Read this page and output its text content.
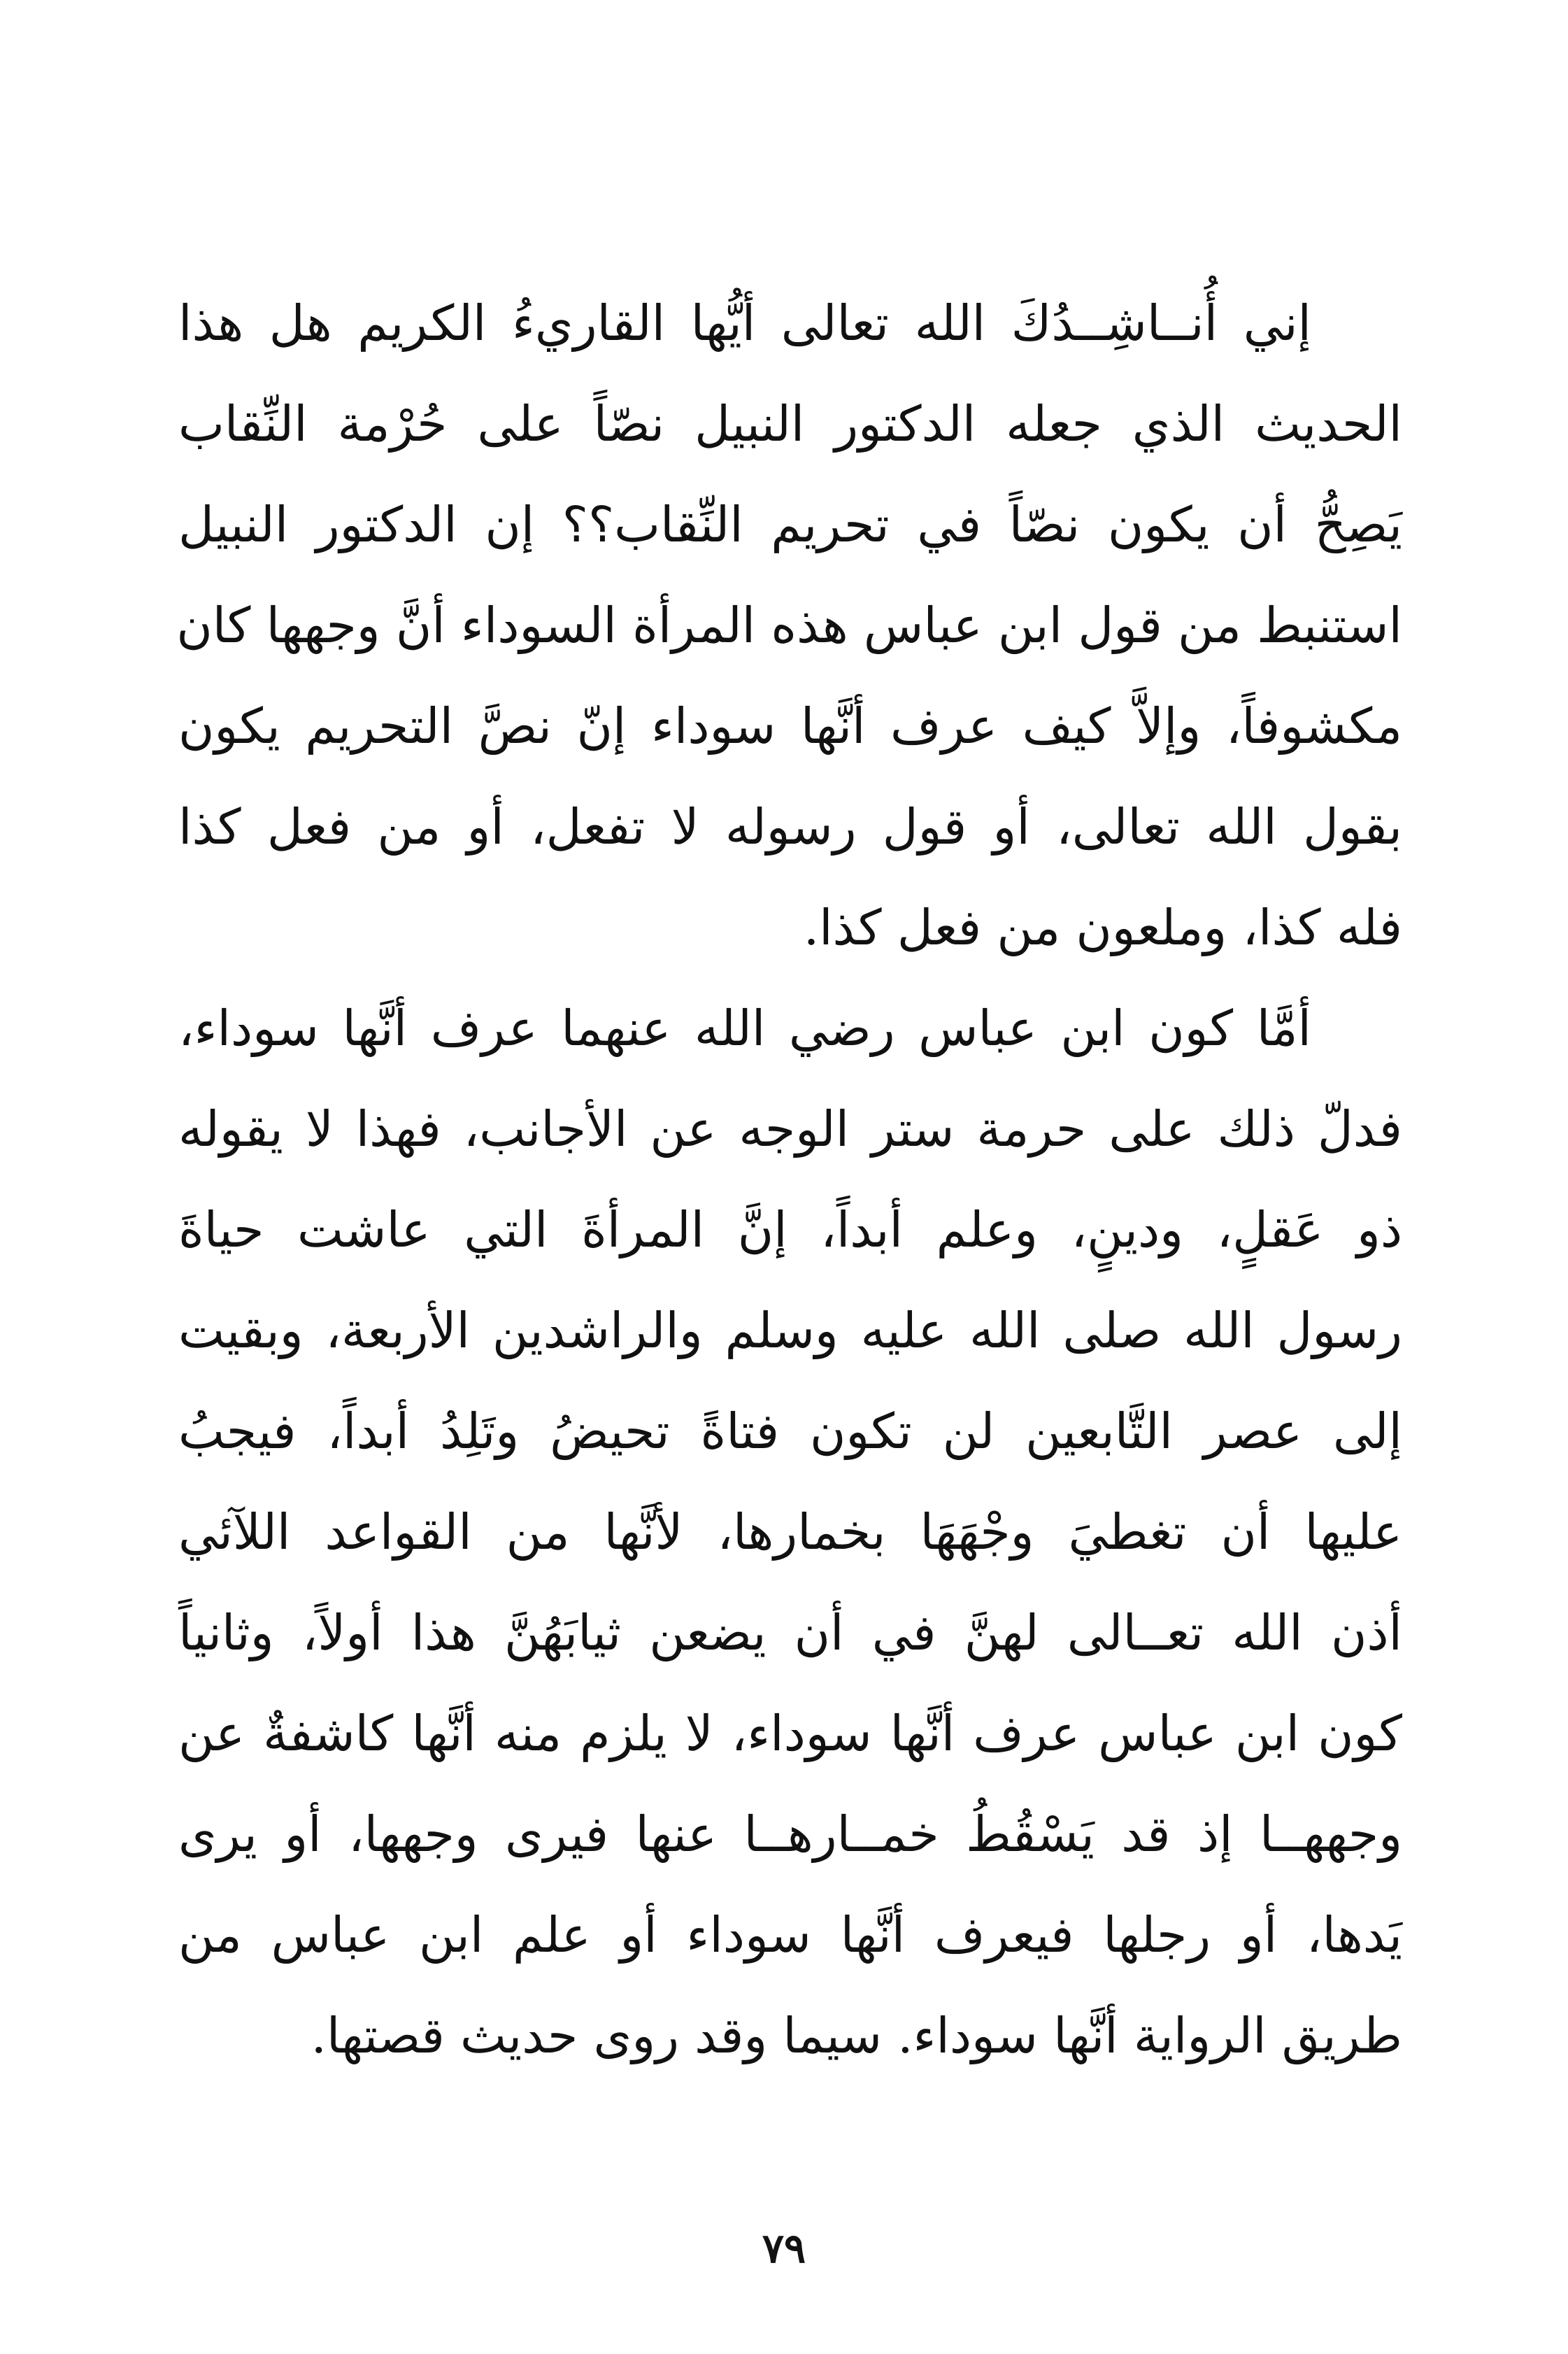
إني أُنــاشِــدُكَ الله تعالى أيُّها القاريءُ الكريم هل هذا
الحديث الذي جعله الدكتور النبيل نصّاً على حُرْمة النِّقاب
يَصِحُّ أن يكون نصّاً في تحريم النِّقاب؟؟ إن الدكتور النبيل
استنبط من قول ابن عباس هذه المرأة السوداء أنَّ وجهها كان
مكشوفاً، وإلاَّ كيف عرف أنَّها سوداء إنّ نصَّ التحريم يكون
بقول الله تعالى، أو قول رسوله لا تفعل، أو من فعل كذا
فله كذا، وملعون من فعل كذا.
أمَّا كون ابن عباس رضي الله عنهما عرف أنَّها سوداء،
فدلّ ذلك على حرمة ستر الوجه عن الأجانب، فهذا لا يقوله
ذو عَقلٍ، ودينٍ، وعلم أبداً، إنَّ المرأةَ التي عاشت حياةَ
رسول الله صلى الله عليه وسلم والراشدين الأربعة، وبقيت
إلى عصر التَّابعين لن تكون فتاةً تحيضُ وتَلِدُ أبداً، فيجبُ
عليها أن تغطيَ وجْهَهَا بخمارها، لأنَّها من القواعد اللآئي
أذن الله تعــالى لهنَّ في أن يضعن ثيابَهُنَّ هذا أولاً، وثانياً
كون ابن عباس عرف أنَّها سوداء، لا يلزم منه أنَّها كاشفةٌ عن
وجههــا إذ قد يَسْقُطُ خمــارهــا عنها فيرى وجهها، أو يرى
يَدها، أو رجلها فيعرف أنَّها سوداء أو علم ابن عباس من
طريق الرواية أنَّها سوداء. سيما وقد روى حديث قصتها.
٧٩
